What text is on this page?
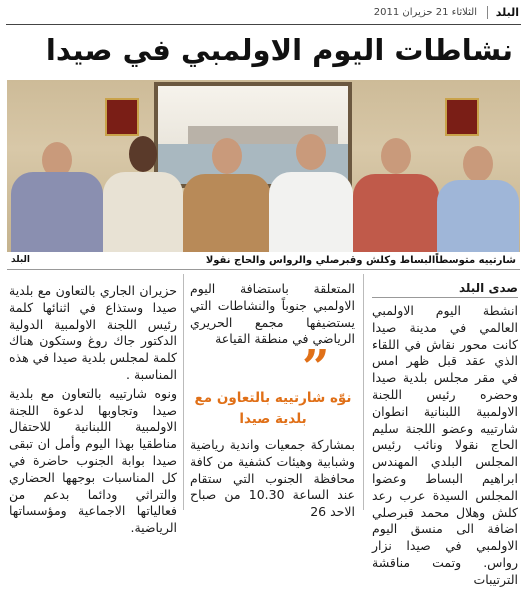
البلد
الثلاثاء 21 حزيران 2011
نشاطات اليوم الاولمبي في صيدا
شارتييه متوسطاًالبساط وكلش وقبرصلي والرواس والحاج نقولا
البلد
صدى البلد

انشطة اليوم الاولمبي العالمي في مدينة صيدا كانت محور نقاش في اللقاء الذي عقد قبل ظهر امس في مقر مجلس بلدية صيدا وحضره رئيس اللجنة الاولمبية اللبنانية انطوان شارتييه وعضو اللجنة سليم الحاج نقولا ونائب رئيس المجلس البلدي المهندس ابراهيم البساط وعضوا المجلس السيدة عرب رعد كلش وهلال محمد قبرصلي اضافة الى منسق اليوم الاولمبي في صيدا نزار رواس. وتمت مناقشة الترتيبات

المتعلقة باستضافة اليوم الاولمبي جنوباً والنشاطات التي يستضيفها مجمع الحريري الرياضي في منطقة القياعة

”
نوّه شارتييه بالتعاون مع بلدية صيدا

بمشاركة جمعيات واندية رياضية وشبابية وهيئات كشفية من كافة محافظة الجنوب التي ستقام عند الساعة 10.30 من صباح الاحد 26

حزيران الجاري بالتعاون مع بلدية صيدا وستذاع في اثنائها كلمة رئيس اللجنة الاولمبية الدولية الدكتور جاك روغ وستكون هناك كلمة لمجلس بلدية صيدا في هذه المناسبة .

ونوه شارتييه بالتعاون مع بلدية صيدا وتجاوبها لدعوة اللجنة الاولمبية اللبنانية للاحتفال مناطقيا بهذا اليوم وأمل ان تبقى صيدا بوابة الجنوب حاضرة في كل المناسبات بوجهها الحضاري والتراثي ودائما بدعم من فعالياتها الاجماعية ومؤسساتها الرياضية.
